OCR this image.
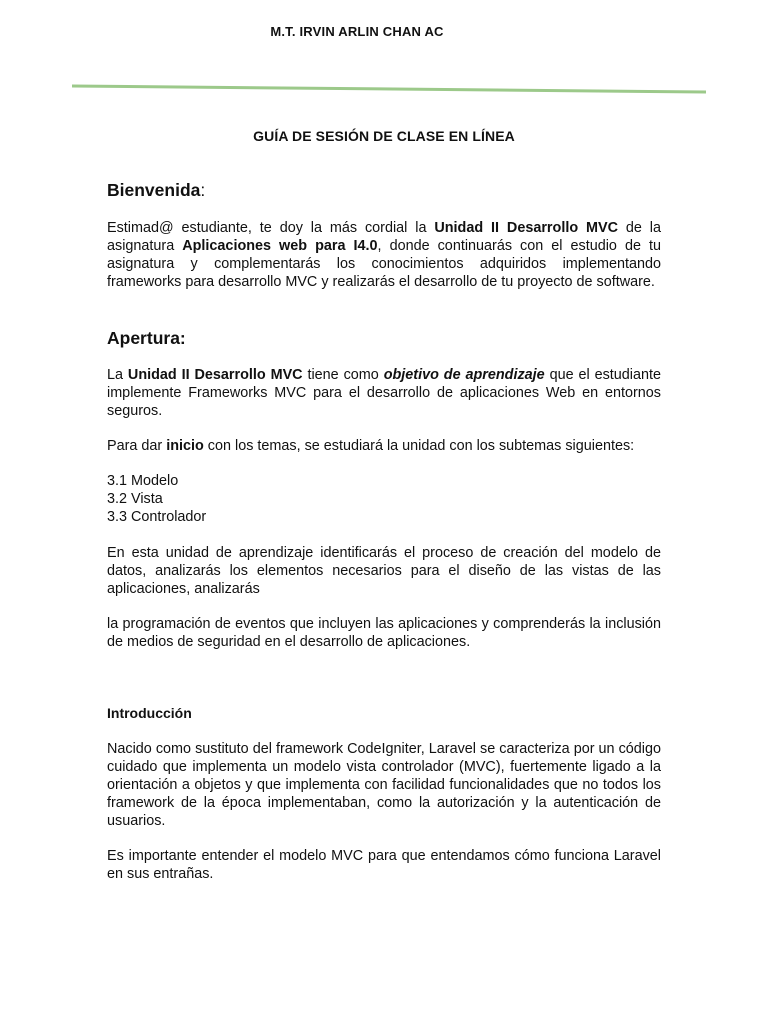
M.T. IRVIN ARLIN CHAN AC
GUÍA DE SESIÓN DE CLASE EN LÍNEA
Bienvenida:

Estimad@ estudiante, te doy la más cordial la Unidad II Desarrollo MVC de la asignatura Aplicaciones web para I4.0, donde continuarás con el estudio de tu asignatura y complementarás los conocimientos adquiridos implementando frameworks para desarrollo MVC y realizarás el desarrollo de tu proyecto de software.

Apertura:

La Unidad II Desarrollo MVC tiene como objetivo de aprendizaje que el estudiante implemente Frameworks MVC para el desarrollo de aplicaciones Web en entornos seguros.

Para dar inicio con los temas, se estudiará la unidad con los subtemas siguientes:

3.1 Modelo
3.2 Vista
3.3 Controlador
En esta unidad de aprendizaje identificarás el proceso de creación del modelo de datos, analizarás los elementos necesarios para el diseño de las vistas de las aplicaciones, analizarás
la programación de eventos que incluyen las aplicaciones y comprenderás la inclusión de medios de seguridad en el desarrollo de aplicaciones.
Introducción
Nacido como sustituto del framework CodeIgniter, Laravel se caracteriza por un código cuidado que implementa un modelo vista controlador (MVC), fuertemente ligado a la orientación a objetos y que implementa con facilidad funcionalidades que no todos los framework de la época implementaban, como la autorización y la autenticación de usuarios.
Es importante entender el modelo MVC para que entendamos cómo funciona Laravel en sus entrañas.
